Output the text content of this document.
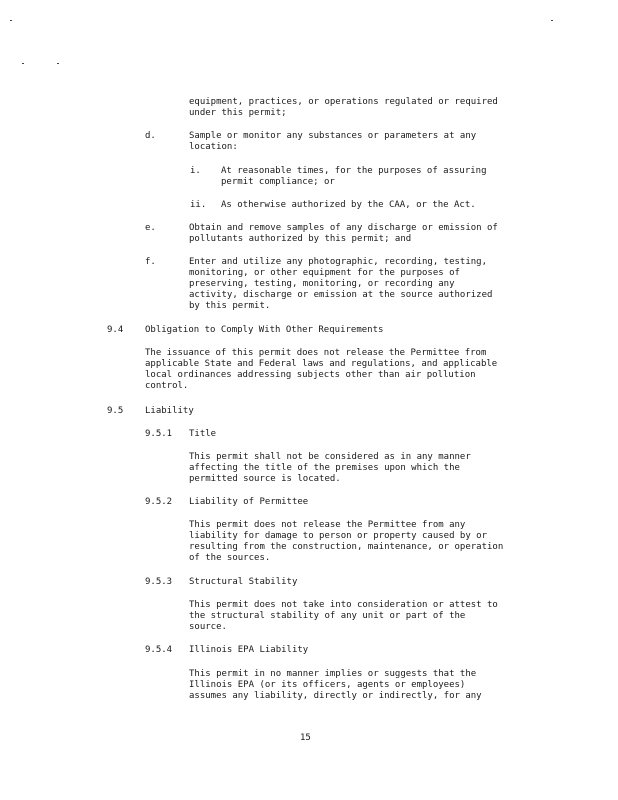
equipment, practices, or operations regulated or required
under this permit;
d.	Sample or monitor any substances or parameters at any
location:
i. At reasonable times, for the purposes of assuring
permit compliance; or
ii. As otherwise authorized by the CAA, or the Act.
e.	Obtain and remove samples of any discharge or emission of
pollutants authorized by this permit; and
f.	Enter and utilize any photographic, recording, testing,
monitoring, or other equipment for the purposes of
preserving, testing, monitoring, or recording any
activity, discharge or emission at the source authorized
by this permit.
9.4 Obligation to Comply With Other Requirements
The issuance of this permit does not release the Permittee from
applicable State and Federal laws and regulations, and applicable
local ordinances addressing subjects other than air pollution
control.
9.5 Liability
9.5.1 Title
This permit shall not be considered as in any manner
affecting the title of the premises upon which the
permitted source is located.
9.5.2 Liability of Permittee
This permit does not release the Permittee from any
liability for damage to person or property caused by or
resulting from the construction, maintenance, or operation
of the sources.
9.5.3 Structural Stability
This permit does not take into consideration or attest to
the structural stability of any unit or part of the
source.
9.5.4 Illinois EPA Liability
This permit in no manner implies or suggests that the
Illinois EPA (or its officers, agents or employees)
assumes any liability, directly or indirectly, for any
15
